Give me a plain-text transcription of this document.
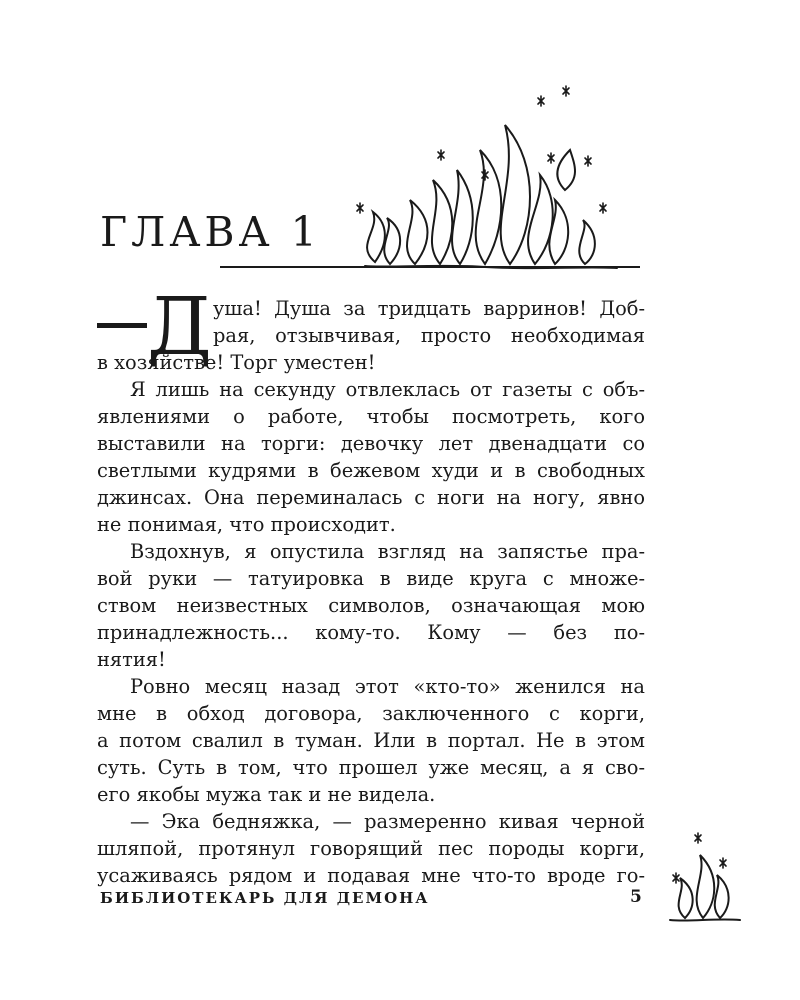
ГЛАВА 1
Д уша! Душа за тридцать варринов! Доб-
рая, отзывчивая, просто необходимая
в хозяйстве! Торг уместен!
Я лишь на секунду отвлеклась от газеты с объ-
явлениями о работе, чтобы посмотреть, кого
выставили на торги: девочку лет двенадцати со
светлыми кудрями в бежевом худи и в свободных
джинсах. Она переминалась с ноги на ногу, явно
не понимая, что происходит.
Вздохнув, я опустила взгляд на запястье пра-
вой руки — татуировка в виде круга с множе-
ством неизвестных символов, означающая мою
принадлежность... кому-то. Кому — без по-
нятия!
Ровно месяц назад этот «кто-то» женился на
мне в обход договора, заключенного с корги,
а потом свалил в туман. Или в портал. Не в этом
суть. Суть в том, что прошел уже месяц, а я сво-
его якобы мужа так и не видела.
— Эка бедняжка, — размеренно кивая черной
шляпой, протянул говорящий пес породы корги,
усаживаясь рядом и подавая мне что-то вроде го-
БИБЛИОТЕКАРЬ ДЛЯ ДЕМОНА	5
